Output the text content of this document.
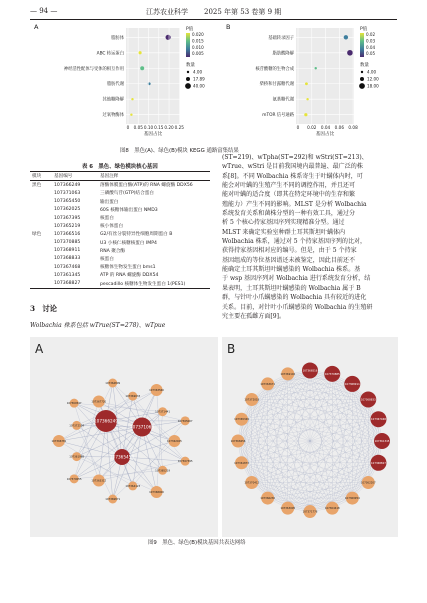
— 94 —	江苏农业科学 2025 年第 53 卷第 9 期
A
脂肪体
ABC 转运蛋白
神经活性配体与受体的相互作用
脂肪代谢
其他糖降解
过氧物酶体
0 0.05 0.10 0.15 0.20 0.25
基因占比
P值
0.020
0.015
0.010
0.005
数量
4.00
17.89
40.00
B
基础转录因子
脂肪酸降解
核苷酸糖的生物合成
柴桥和甘露糖代谢
氨基糖代谢
mTOR 信号通路
0 0.02 0.04 0.06 0.08
基因占比
P值
0.02
0.03
0.04
0.05
数量
4.00
12.00
18.00
图8　黑色(A)、绿色(B)模块 KEGG 通路富集结果
表 6　黑色、绿色模块核心基因
模块	基因编号	基因注释
黑色	107366249	溶酶体膜蛋白酶(ATP)的 RNA 螺旋酶 DDX56
	107371063	三磷酸鸟苷(GTP)结合蛋白
	107365450	输出蛋白
	107362025	60S 核糖体输出蛋白 NMD3
	107367395	核蛋白
	107365219	核小体蛋白
绿色	107366516	G2/有丝分裂特异性细胞周期蛋白 B
	107370885	U3 小核仁核糖核蛋白 IMP4
	107368911	RNA 聚合酶
	107368833	核蛋白
	107367468	核糖体生物发生蛋白 bms1
	107361345	ATP 的 RNA 螺旋酶 DDX54
	107368827	pescadillo 核糖体生物发生蛋白 1(PES1)
3　讨论
Wolbachia 株系包括 wTrue(ST=278)、wTpue

(ST=219)、wTpha(ST=292)和 wStri(ST=213)、

wTrue、wStri 是目前我国境内最普遍、最广泛的株

系[8]。不同 Wolbachia 株系寄生于叶螨体内时，可

能会对叶螨的生殖产生不同的调控作用，并且还可

能对叶螨的适合度（即其在特定环境中的生存和繁

殖能力）产生不同的影响。MLST 是分析 Wolbachia

系统发育关系和菌株分型的一种有效工具，通过分

析 5 个核心持家基因序列实现精准分型。通过

MLST 来确定实验室种群土耳其斯坦叶螨体内

Wolbachia 株系，通过对 5 个持家基因序列的比对，

获得持家基因相对应的编号。但是，由于 5 个持家

基因组成的等位基因谱还未被鉴定，因此目前还不

能确定土耳其斯坦叶螨感染的 Wolbachia 株系。基

于 wsp 基因序列对 Wolbachia 进行系统发育分析，结

果表明，土耳其斯坦叶螨感染的 Wolbachia 属于 B

群，与针叶小爪螨感染的 Wolbachia 具有较近的进化

关系。目前，对针叶小爪螨感染的 Wolbachia 的生殖研

究主要在孤雌方面[9]。

A
107362025
107367395
107365219
107368000
107364123
107369871
107363312
107370055
107361988
107366781
107372104
107360547
107367720
107364899
107369033
107363560
107371441
107365007
107366249
107371063
107365450
B
107366516
107370885
107368911
107368833
107367468
107361345
107368827
107362207
107369954
107364418
107371776
107363095
107366230
107370412
107361873
107368456
107365349
107372018
107363671
107369102
图9　黑色、绿色(B)模块基因共表达网络
